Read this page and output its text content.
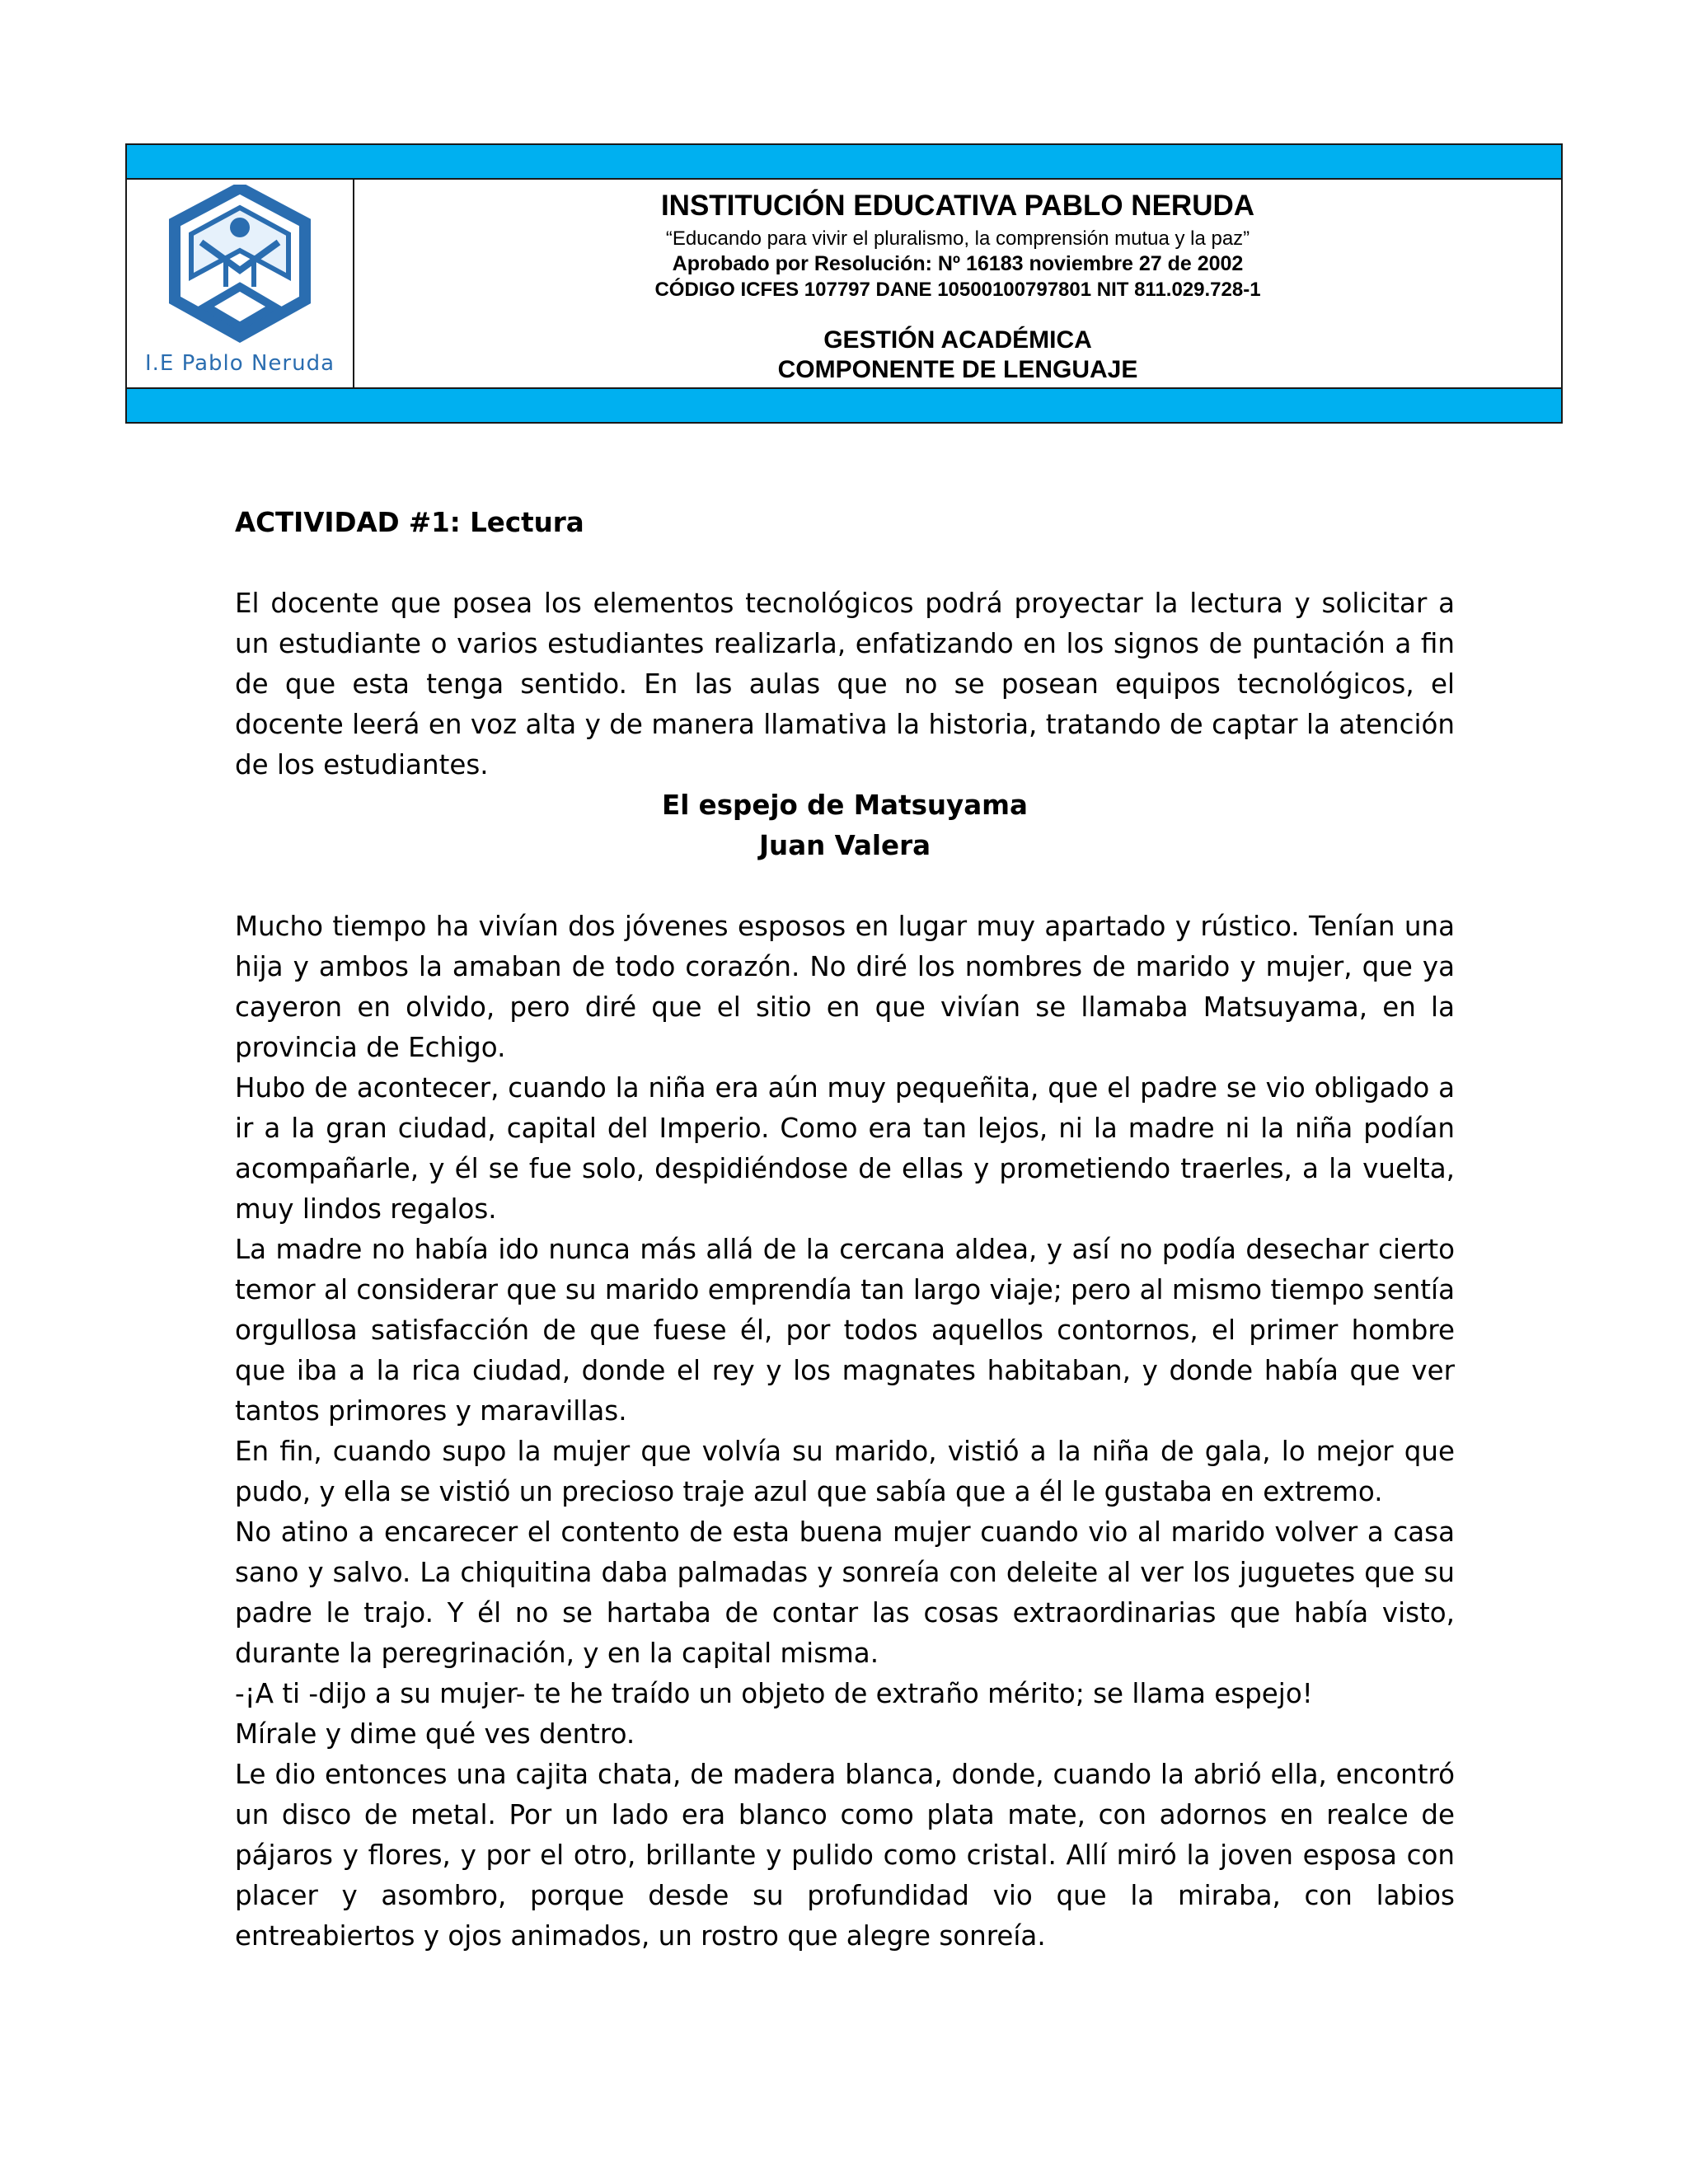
I.E Pablo Neruda
INSTITUCIÓN EDUCATIVA PABLO NERUDA
“Educando para vivir el pluralismo, la comprensión mutua y la paz”
Aprobado por Resolución: Nº 16183 noviembre 27 de 2002
CÓDIGO ICFES 107797 DANE 10500100797801 NIT 811.029.728-1
GESTIÓN ACADÉMICA
COMPONENTE DE LENGUAJE

ACTIVIDAD #1: Lectura

El docente que posea los elementos tecnológicos podrá proyectar la lectura y solicitar a un estudiante o varios estudiantes realizarla, enfatizando en los signos de puntación a fin de que esta tenga sentido. En las aulas que no se posean equipos tecnológicos, el docente leerá en voz alta y de manera llamativa la historia, tratando de captar la atención de los estudiantes.

El espejo de Matsuyama

Juan Valera

Mucho tiempo ha vivían dos jóvenes esposos en lugar muy apartado y rústico. Tenían una hija y ambos la amaban de todo corazón. No diré los nombres de marido y mujer, que ya cayeron en olvido, pero diré que el sitio en que vivían se llamaba Matsuyama, en la provincia de Echigo.

Hubo de acontecer, cuando la niña era aún muy pequeñita, que el padre se vio obligado a ir a la gran ciudad, capital del Imperio. Como era tan lejos, ni la madre ni la niña podían acompañarle, y él se fue solo, despidiéndose de ellas y prometiendo traerles, a la vuelta, muy lindos regalos.

La madre no había ido nunca más allá de la cercana aldea, y así no podía desechar cierto temor al considerar que su marido emprendía tan largo viaje; pero al mismo tiempo sentía orgullosa satisfacción de que fuese él, por todos aquellos contornos, el primer hombre que iba a la rica ciudad, donde el rey y los magnates habitaban, y donde había que ver tantos primores y maravillas.

En fin, cuando supo la mujer que volvía su marido, vistió a la niña de gala, lo mejor que pudo, y ella se vistió un precioso traje azul que sabía que a él le gustaba en extremo.

No atino a encarecer el contento de esta buena mujer cuando vio al marido volver a casa sano y salvo. La chiquitina daba palmadas y sonreía con deleite al ver los juguetes que su padre le trajo. Y él no se hartaba de contar las cosas extraordinarias que había visto, durante la peregrinación, y en la capital misma.

-¡A ti -dijo a su mujer- te he traído un objeto de extraño mérito; se llama espejo!

Mírale y dime qué ves dentro.

Le dio entonces una cajita chata, de madera blanca, donde, cuando la abrió ella, encontró un disco de metal. Por un lado era blanco como plata mate, con adornos en realce de pájaros y flores, y por el otro, brillante y pulido como cristal. Allí miró la joven esposa con placer y asombro, porque desde su profundidad vio que la miraba, con labios entreabiertos y ojos animados, un rostro que alegre sonreía.
